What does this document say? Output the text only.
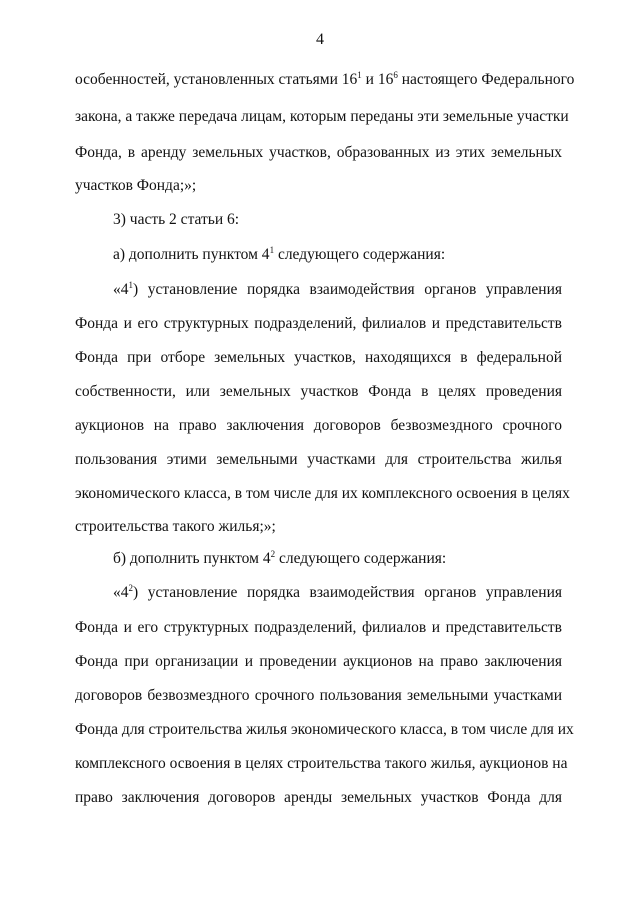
4
особенностей, установленных статьями $16^1$ и $16^6$ настоящего Федерального
закона, а также передача лицам, которым переданы эти земельные участки
Фонда, в аренду земельных участков, образованных из этих земельных
участков Фонда;»;
3) часть 2 статьи 6:
а) дополнить пунктом $4^1$ следующего содержания:
«$4^1$) установление порядка взаимодействия органов управления
Фонда и его структурных подразделений, филиалов и представительств
Фонда при отборе земельных участков, находящихся в федеральной
собственности, или земельных участков Фонда в целях проведения
аукционов на право заключения договоров безвозмездного срочного
пользования этими земельными участками для строительства жилья
экономического класса, в том числе для их комплексного освоения в целях
строительства такого жилья;»;
б) дополнить пунктом $4^2$ следующего содержания:
«$4^2$) установление порядка взаимодействия органов управления
Фонда и его структурных подразделений, филиалов и представительств
Фонда при организации и проведении аукционов на право заключения
договоров безвозмездного срочного пользования земельными участками
Фонда для строительства жилья экономического класса, в том числе для их
комплексного освоения в целях строительства такого жилья, аукционов на
право заключения договоров аренды земельных участков Фонда для
